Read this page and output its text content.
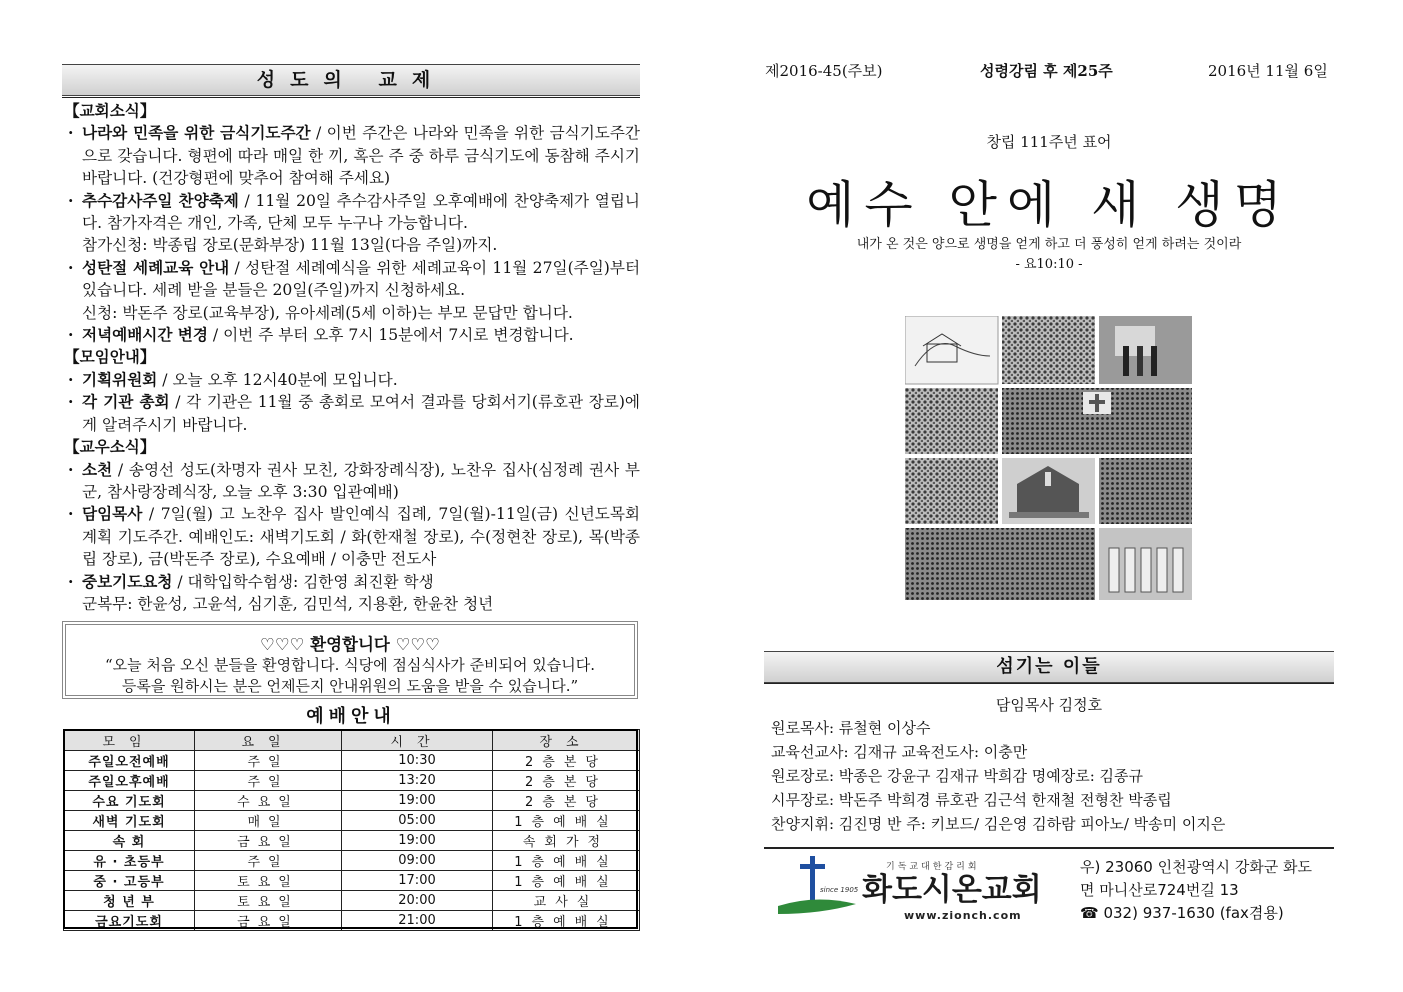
성도의 교제
【교회소식】
· 나라와 민족을 위한 금식기도주간 / 이번 주간은 나라와 민족을 위한 금식기도주간으로 갖습니다. 형편에 따라 매일 한 끼, 혹은 주 중 하루 금식기도에 동참해 주시기 바랍니다. (건강형편에 맞추어 참여해 주세요)
· 추수감사주일 찬양축제 / 11월 20일 추수감사주일 오후예배에 찬양축제가 열립니다. 참가자격은 개인, 가족, 단체 모두 누구나 가능합니다.
참가신청: 박종립 장로(문화부장) 11월 13일(다음 주일)까지.
· 성탄절 세례교육 안내 / 성탄절 세례예식을 위한 세례교육이 11월 27일(주일)부터 있습니다. 세례 받을 분들은 20일(주일)까지 신청하세요.
신청: 박돈주 장로(교육부장), 유아세례(5세 이하)는 부모 문답만 합니다.
· 저녁예배시간 변경 / 이번 주 부터 오후 7시 15분에서 7시로 변경합니다.
【모임안내】
· 기획위원회 / 오늘 오후 12시40분에 모입니다.
· 각 기관 총회 / 각 기관은 11월 중 총회로 모여서 결과를 당회서기(류호관 장로)에게 알려주시기 바랍니다.
【교우소식】
· 소천 / 송영선 성도(차명자 권사 모친, 강화장례식장), 노찬우 집사(심정례 권사 부군, 참사랑장례식장, 오늘 오후 3:30 입관예배)
· 담임목사 / 7일(월) 고 노찬우 집사 발인예식 집례, 7일(월)-11일(금) 신년도목회계획 기도주간. 예배인도: 새벽기도회 / 화(한재철 장로), 수(정현찬 장로), 목(박종립 장로), 금(박돈주 장로), 수요예배 / 이충만 전도사
· 중보기도요청 / 대학입학수험생: 김한영 최진환 학생
군복무: 한윤성, 고윤석, 심기훈, 김민석, 지용환, 한윤찬 청년
♡♡♡ 환영합니다 ♡♡♡
“오늘 처음 오신 분들을 환영합니다. 식당에 점심식사가 준비되어 있습니다.
등록을 원하시는 분은 언제든지 안내위원의 도움을 받을 수 있습니다.”
예배안내
모임	요일	시간	장소
주일오전예배	주일	10:30	2층본당
주일오후예배	주일	13:20	2층본당
수요 기도회	수요일	19:00	2층본당
새벽 기도회	매일	05:00	1층예배실
속 회	금요일	19:00	속회가정
유 · 초등부	주일	09:00	1층예배실
중 · 고등부	토요일	17:00	1층예배실
청 년 부	토요일	20:00	교사실
금요기도회	금요일	21:00	1층예배실
제2016-45(주보)	성령강림 후 제25주	2016년 11월 6일
창립 111주년 표어
예수 안에 새 생명
내가 온 것은 양으로 생명을 얻게 하고 더 풍성히 얻게 하려는 것이라
- 요10:10 -
섬기는 이들
담임목사 김정호
원로목사: 류철현 이상수
교육선교사: 김재규 교육전도사: 이충만
원로장로: 박종은 강윤구 김재규 박희감 명예장로: 김종규
시무장로: 박돈주 박희경 류호관 김근석 한재철 전형찬 박종립
찬양지휘: 김진명 반 주: 키보드/ 김은영 김하람 피아노/ 박송미 이지은
since 1905
기독교대한감리회
화도시온교회
www.zionch.com
우) 23060 인천광역시 강화군 화도
면 마니산로724번길 13
☎ 032) 937-1630 (fax겸용)
